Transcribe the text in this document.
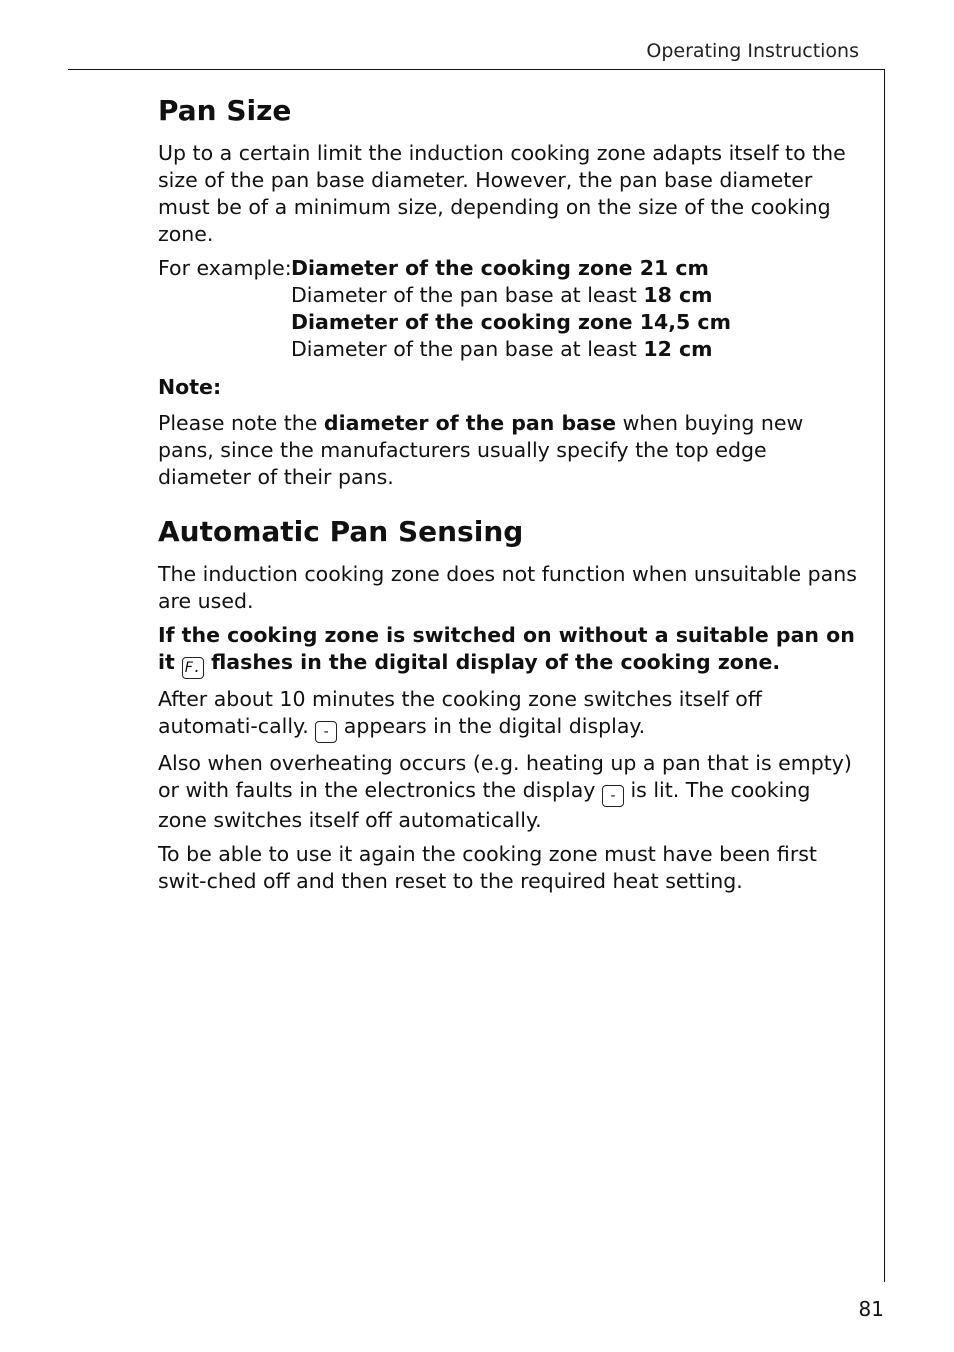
Operating Instructions
Pan Size

Up to a certain limit the induction cooking zone adapts itself to the size of the pan base diameter. However, the pan base diameter must be of a minimum size, depending on the size of the cooking zone.

For example: Diameter of the cooking zone 21 cm
Diameter of the pan base at least 18 cm
Diameter of the cooking zone 14,5 cm
Diameter of the pan base at least 12 cm
Note:

Please note the diameter of the pan base when buying new pans, since the manufacturers usually specify the top edge diameter of their pans.

Automatic Pan Sensing

The induction cooking zone does not function when unsuitable pans are used.

If the cooking zone is switched on without a suitable pan on it F. flashes in the digital display of the cooking zone.

After about 10 minutes the cooking zone switches itself off automati-cally. - appears in the digital display.

Also when overheating occurs (e.g. heating up a pan that is empty) or with faults in the electronics the display - is lit. The cooking zone switches itself off automatically.

To be able to use it again the cooking zone must have been first swit-ched off and then reset to the required heat setting.

81
